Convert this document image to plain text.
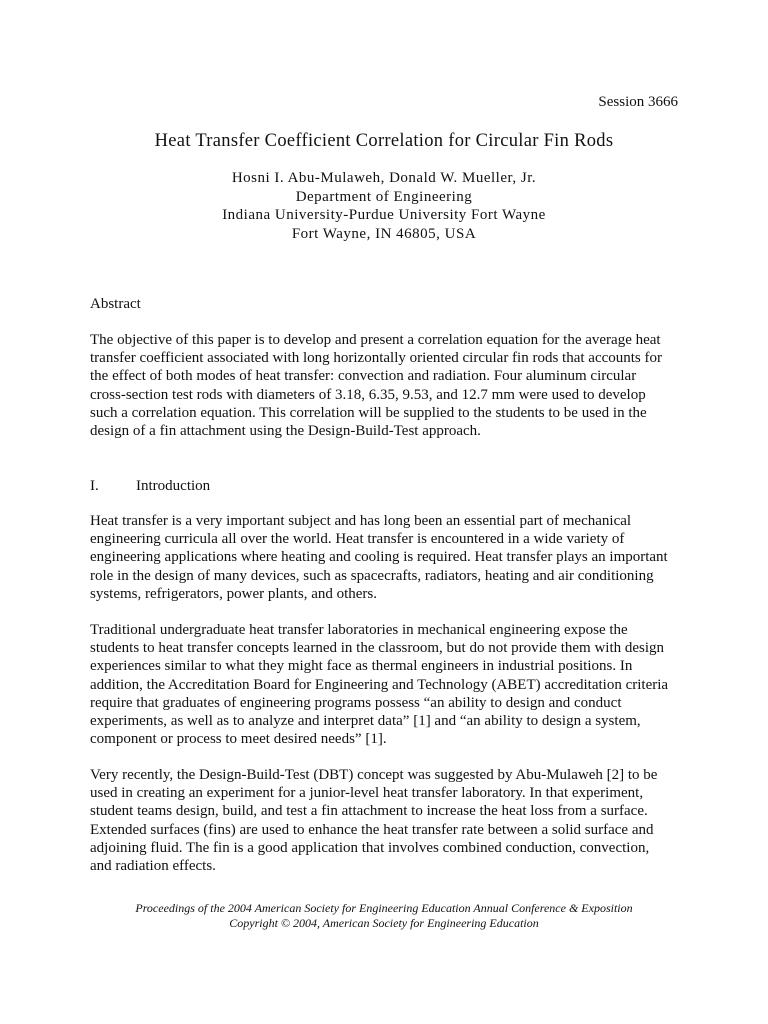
Session 3666
Heat Transfer Coefficient Correlation for Circular Fin Rods
Hosni I. Abu-Mulaweh, Donald W. Mueller, Jr.
Department of Engineering
Indiana University-Purdue University Fort Wayne
Fort Wayne, IN 46805, USA
Abstract

The objective of this paper is to develop and present a correlation equation for the average heat
transfer coefficient associated with long horizontally oriented circular fin rods that accounts for
the effect of both modes of heat transfer: convection and radiation. Four aluminum circular
cross-section test rods with diameters of 3.18, 6.35, 9.53, and 12.7 mm were used to develop
such a correlation equation. This correlation will be supplied to the students to be used in the
design of a fin attachment using the Design-Build-Test approach.

I. Introduction

Heat transfer is a very important subject and has long been an essential part of mechanical
engineering curricula all over the world. Heat transfer is encountered in a wide variety of
engineering applications where heating and cooling is required. Heat transfer plays an important
role in the design of many devices, such as spacecrafts, radiators, heating and air conditioning
systems, refrigerators, power plants, and others.

Traditional undergraduate heat transfer laboratories in mechanical engineering expose the
students to heat transfer concepts learned in the classroom, but do not provide them with design
experiences similar to what they might face as thermal engineers in industrial positions. In
addition, the Accreditation Board for Engineering and Technology (ABET) accreditation criteria
require that graduates of engineering programs possess “an ability to design and conduct
experiments, as well as to analyze and interpret data” [1] and “an ability to design a system,
component or process to meet desired needs” [1].

Very recently, the Design-Build-Test (DBT) concept was suggested by Abu-Mulaweh [2] to be
used in creating an experiment for a junior-level heat transfer laboratory. In that experiment,
student teams design, build, and test a fin attachment to increase the heat loss from a surface.
Extended surfaces (fins) are used to enhance the heat transfer rate between a solid surface and
adjoining fluid. The fin is a good application that involves combined conduction, convection,
and radiation effects.

Proceedings of the 2004 American Society for Engineering Education Annual Conference & Exposition
Copyright © 2004, American Society for Engineering Education
